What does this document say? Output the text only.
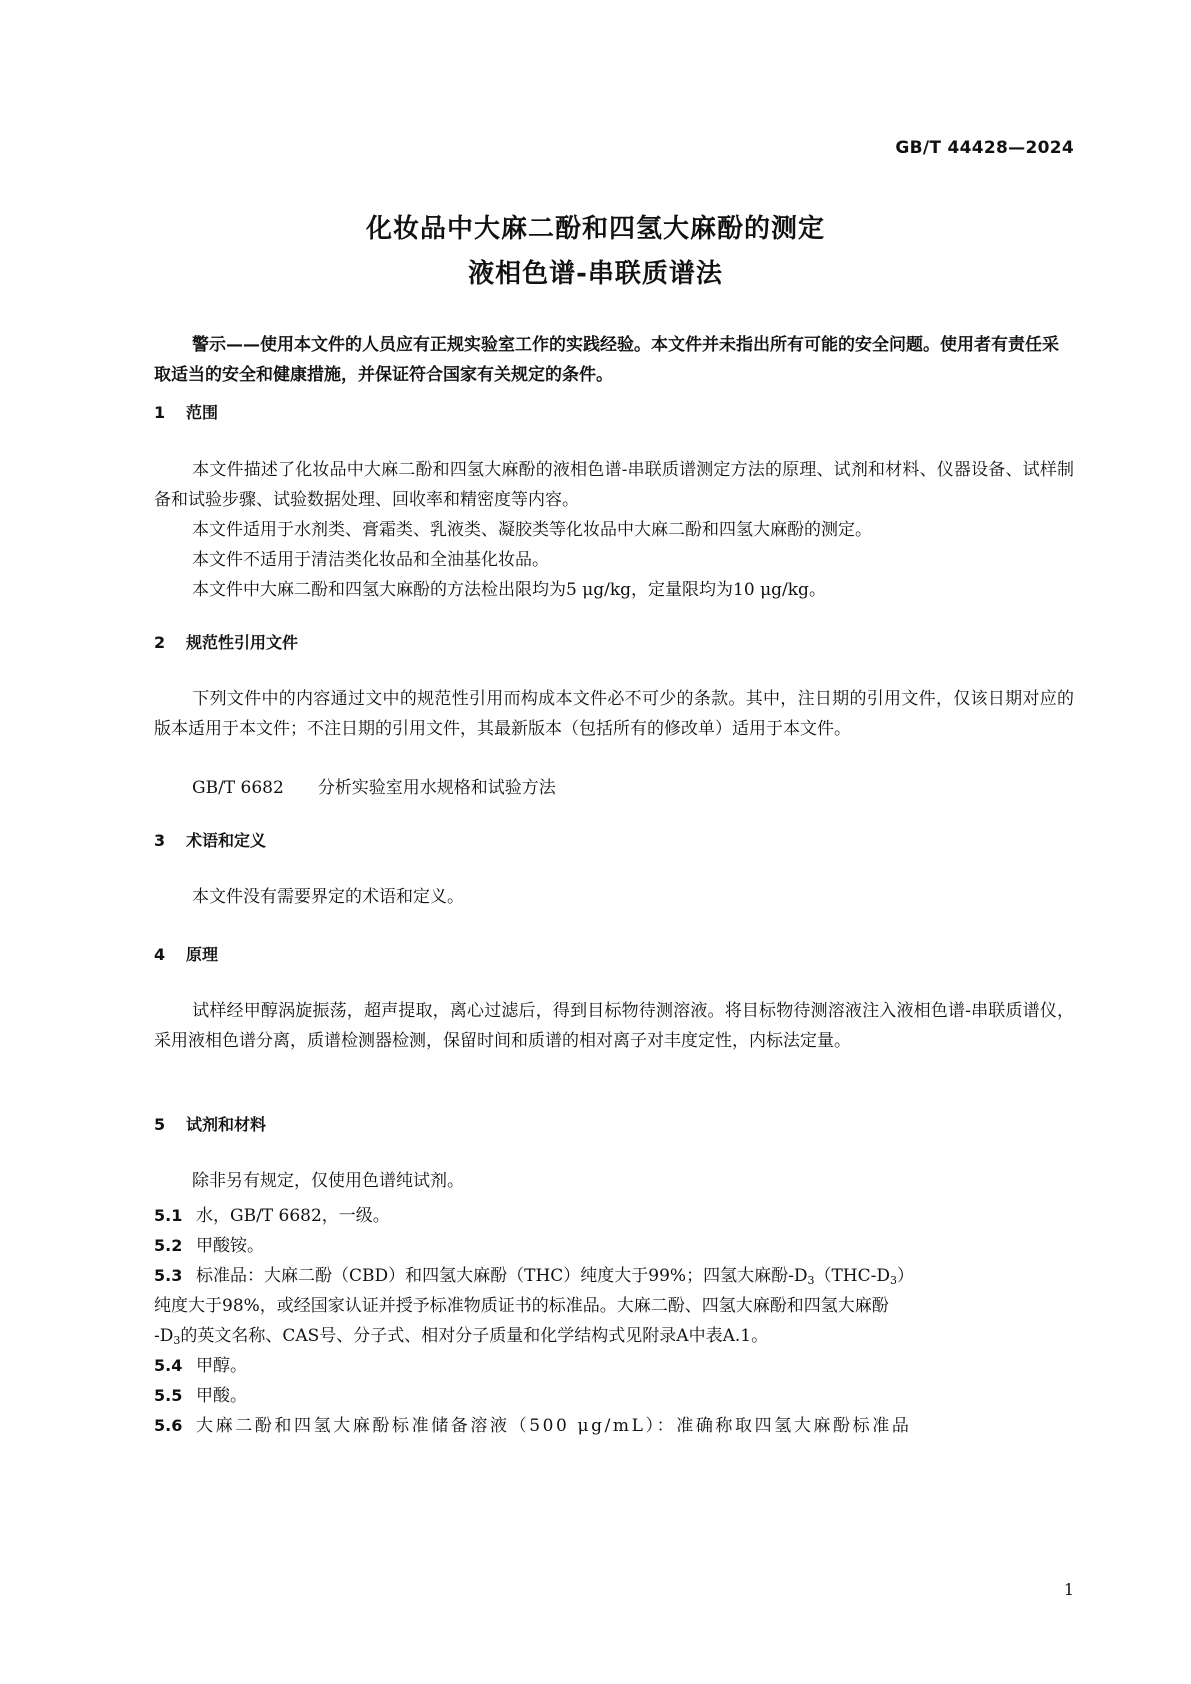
GB/T 44428—2024
化妆品中大麻二酚和四氢大麻酚的测定
液相色谱-串联质谱法
警示——使用本文件的人员应有正规实验室工作的实践经验。本文件并未指出所有可能的安全问题。使用者有责任采取适当的安全和健康措施，并保证符合国家有关规定的条件。
1 范围
本文件描述了化妆品中大麻二酚和四氢大麻酚的液相色谱-串联质谱测定方法的原理、试剂和材料、仪器设备、试样制备和试验步骤、试验数据处理、回收率和精密度等内容。
本文件适用于水剂类、膏霜类、乳液类、凝胶类等化妆品中大麻二酚和四氢大麻酚的测定。
本文件不适用于清洁类化妆品和全油基化妆品。
本文件中大麻二酚和四氢大麻酚的方法检出限均为5 μg/kg，定量限均为10 μg/kg。
2 规范性引用文件
下列文件中的内容通过文中的规范性引用而构成本文件必不可少的条款。其中，注日期的引用文件，仅该日期对应的版本适用于本文件；不注日期的引用文件，其最新版本（包括所有的修改单）适用于本文件。
GB/T 6682 分析实验室用水规格和试验方法
3 术语和定义
本文件没有需要界定的术语和定义。
4 原理
试样经甲醇涡旋振荡，超声提取，离心过滤后，得到目标物待测溶液。将目标物待测溶液注入液相色谱-串联质谱仪，采用液相色谱分离，质谱检测器检测，保留时间和质谱的相对离子对丰度定性，内标法定量。
5 试剂和材料
除非另有规定，仅使用色谱纯试剂。
5.1 水，GB/T 6682，一级。
5.2 甲酸铵。
5.3 标准品：大麻二酚（CBD）和四氢大麻酚（THC）纯度大于99%；四氢大麻酚$-D_3(THC-D_3)$
纯度大于98%，或经国家认证并授予标准物质证书的标准品。大麻二酚、四氢大麻酚和四氢大麻酚
$-D_3$的英文名称、CAS号、分子式、相对分子质量和化学结构式见附录A中表A.1。
5.4 甲醇。
5.5 甲酸。
5.6 大麻二酚和四氢大麻酚标准储备溶液（500 μg/mL）：准确称取四氢大麻酚标准品
1
